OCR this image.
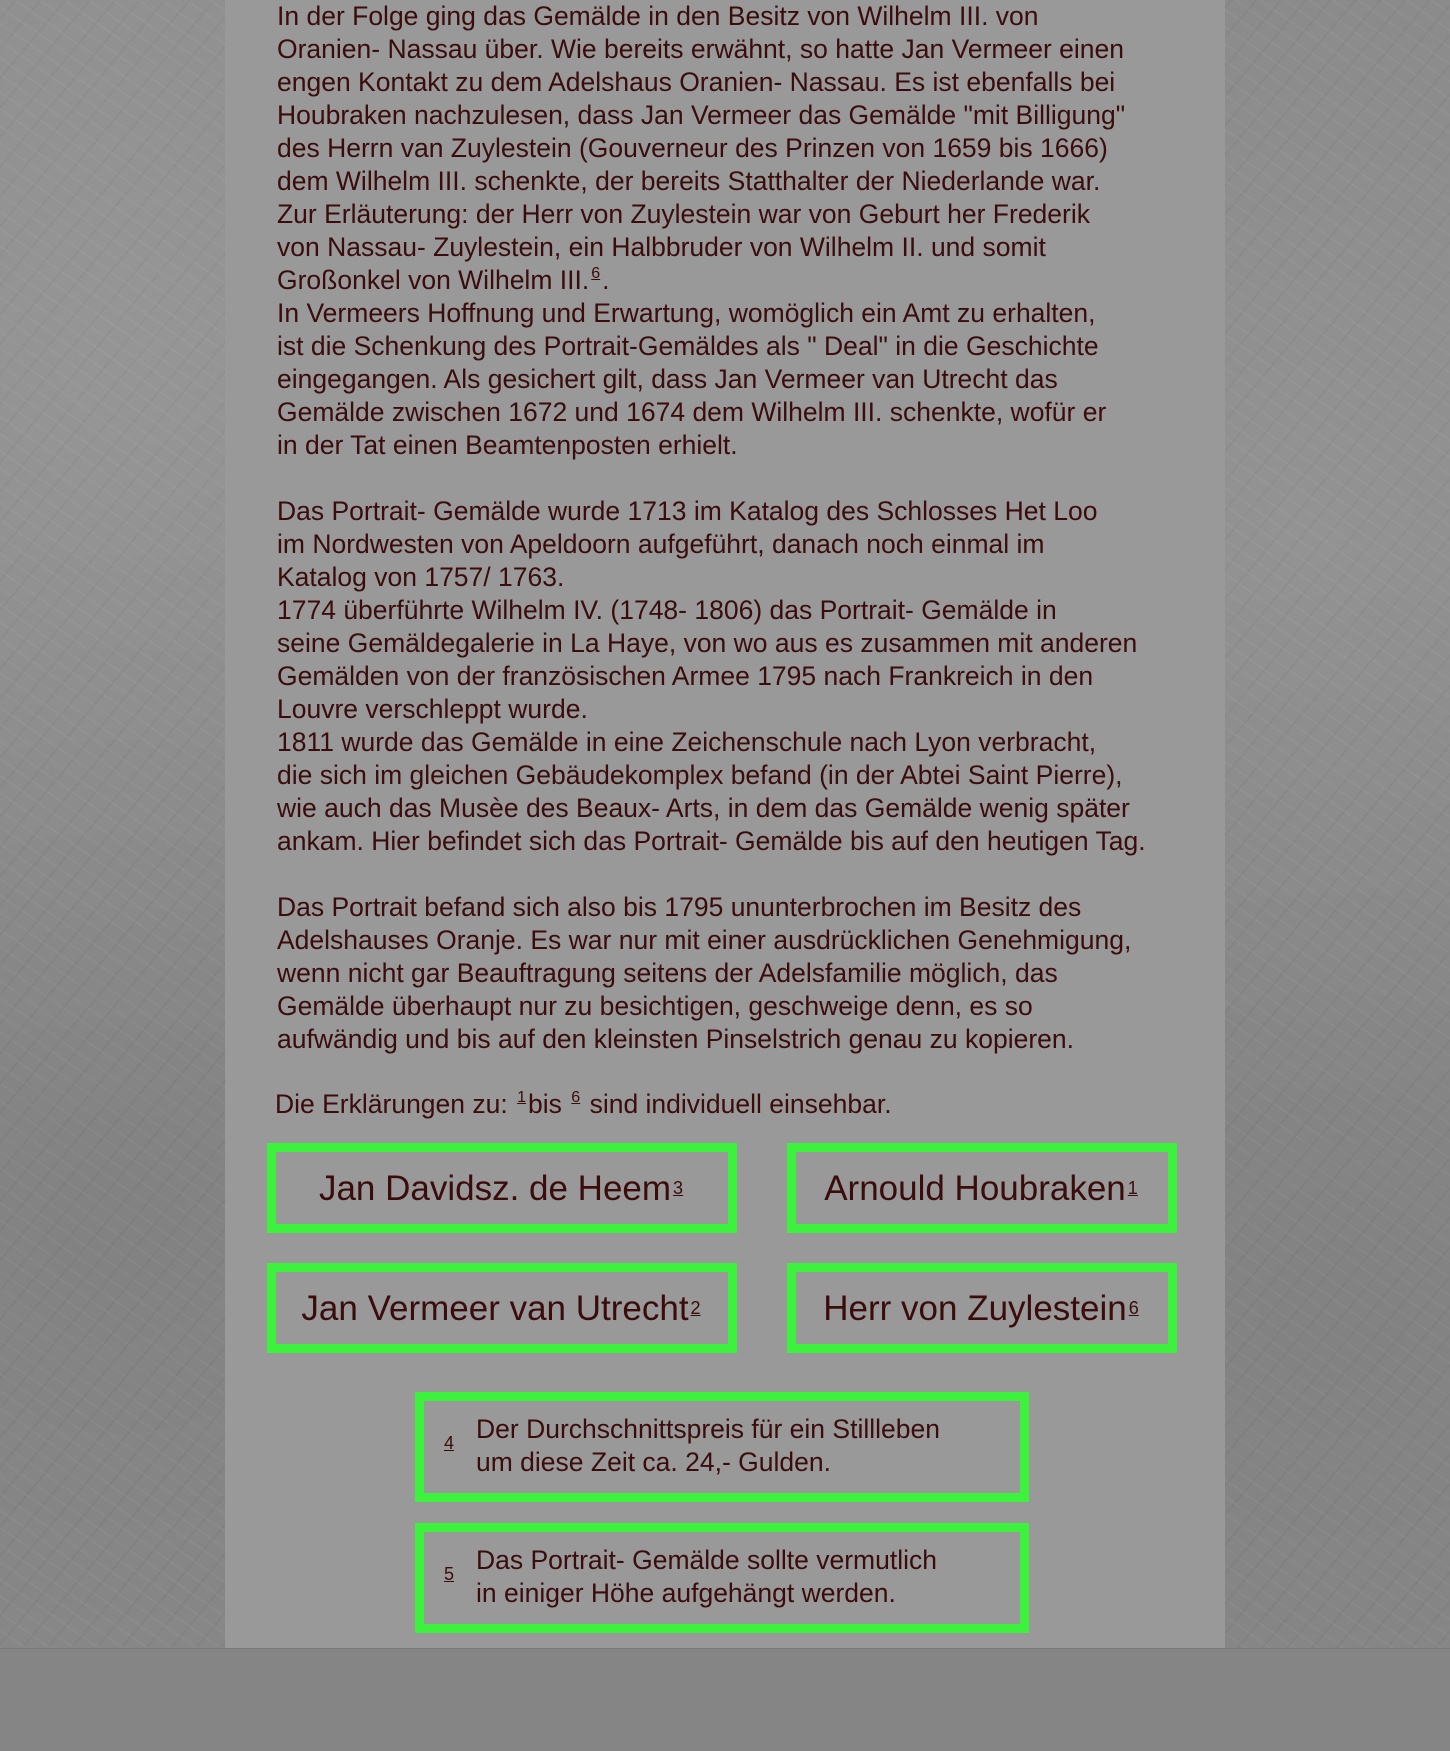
In der Folge ging das Gemälde in den Besitz von Wilhelm III. von
Oranien- Nassau über. Wie bereits erwähnt, so hatte Jan Vermeer einen
engen Kontakt zu dem Adelshaus Oranien- Nassau. Es ist ebenfalls bei
Houbraken nachzulesen, dass Jan Vermeer das Gemälde "mit Billigung"
des Herrn van Zuylestein (Gouverneur des Prinzen von 1659 bis 1666)
dem Wilhelm III. schenkte, der bereits Statthalter der Niederlande war.
Zur Erläuterung: der Herr von Zuylestein war von Geburt her Frederik
von Nassau- Zuylestein, ein Halbbruder von Wilhelm II. und somit
Großonkel von Wilhelm III. $^6$.

In Vermeers Hoffnung und Erwartung, womöglich ein Amt zu erhalten,
ist die Schenkung des Portrait-Gemäldes als " Deal" in die Geschichte
eingegangen. Als gesichert gilt, dass Jan Vermeer van Utrecht das
Gemälde zwischen 1672 und 1674 dem Wilhelm III. schenkte, wofür er
in der Tat einen Beamtenposten erhielt.

Das Portrait- Gemälde wurde 1713 im Katalog des Schlosses Het Loo
im Nordwesten von Apeldoorn aufgeführt, danach noch einmal im
Katalog von 1757/ 1763.
1774 überführte Wilhelm IV. (1748- 1806) das Portrait- Gemälde in
seine Gemäldegalerie in La Haye, von wo aus es zusammen mit anderen
Gemälden von der französischen Armee 1795 nach Frankreich in den
Louvre verschleppt wurde.
1811 wurde das Gemälde in eine Zeichenschule nach Lyon verbracht,
die sich im gleichen Gebäudekomplex befand (in der Abtei Saint Pierre),
wie auch das Musèe des Beaux- Arts, in dem das Gemälde wenig später
ankam. Hier befindet sich das Portrait- Gemälde bis auf den heutigen Tag.

Das Portrait befand sich also bis 1795 ununterbrochen im Besitz des
Adelshauses Oranje. Es war nur mit einer ausdrücklichen Genehmigung,
wenn nicht gar Beauftragung seitens der Adelsfamilie möglich, das
Gemälde überhaupt nur zu besichtigen, geschweige denn, es so
aufwändig und bis auf den kleinsten Pinselstrich genau zu kopieren.

Die Erklärungen zu: $^1$bis $^6$ sind individuell einsehbar.
Jan Davidsz. de Heem 3	Arnould Houbraken 1
Jan Vermeer van Utrecht 2	Herr von Zuylestein 6
4 Der Durchschnittspreis für ein Stillleben
um diese Zeit ca. 24,- Gulden.
5 Das Portrait- Gemälde sollte vermutlich
in einiger Höhe aufgehängt werden.
